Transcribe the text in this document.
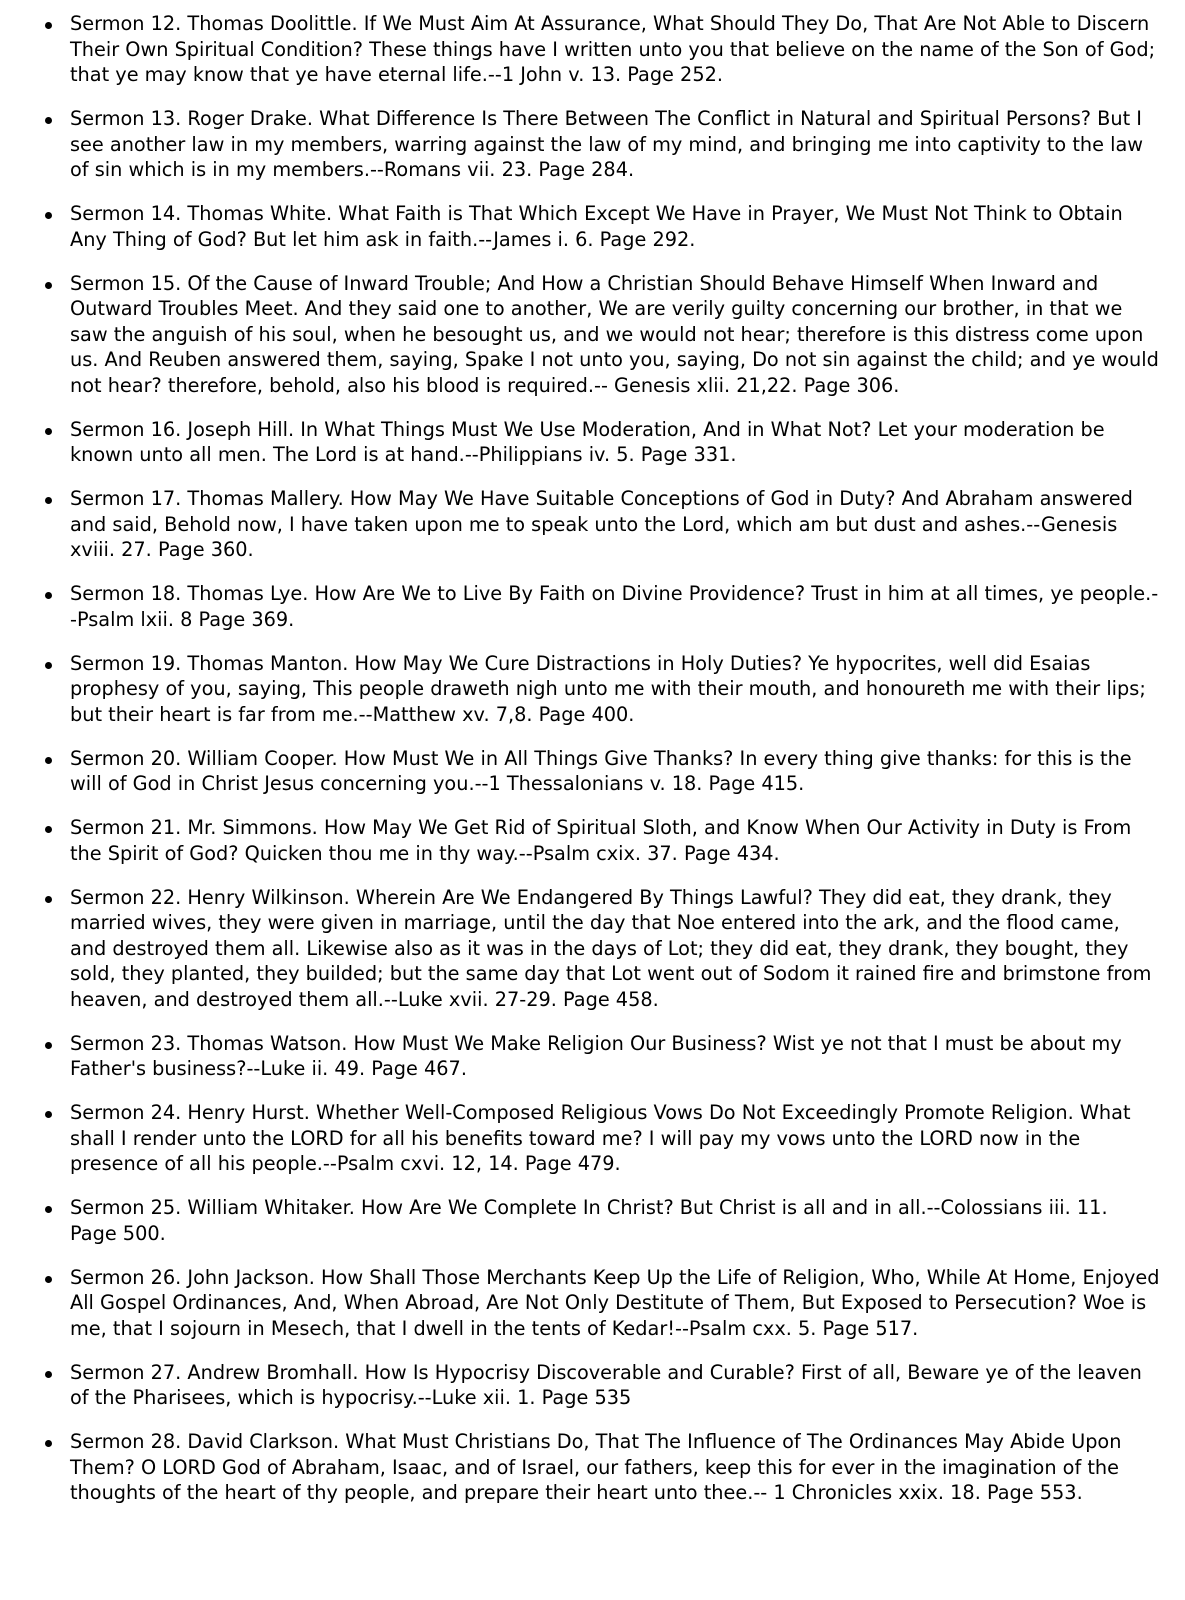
Sermon 12. Thomas Doolittle. If We Must Aim At Assurance, What Should They Do, That Are Not Able to Discern Their Own Spiritual Condition? These things have I written unto you that believe on the name of the Son of God; that ye may know that ye have eternal life.--1 John v. 13. Page 252.
Sermon 13. Roger Drake. What Difference Is There Between The Conflict in Natural and Spiritual Persons? But I see another law in my members, warring against the law of my mind, and bringing me into captivity to the law of sin which is in my members.--Romans vii. 23. Page 284.
Sermon 14. Thomas White. What Faith is That Which Except We Have in Prayer, We Must Not Think to Obtain Any Thing of God? But let him ask in faith.--James i. 6. Page 292.
Sermon 15. Of the Cause of Inward Trouble; And How a Christian Should Behave Himself When Inward and Outward Troubles Meet. And they said one to another, We are verily guilty concerning our brother, in that we saw the anguish of his soul, when he besought us, and we would not hear; therefore is this distress come upon us. And Reuben answered them, saying, Spake I not unto you, saying, Do not sin against the child; and ye would not hear? therefore, behold, also his blood is required.-- Genesis xlii. 21,22. Page 306.
Sermon 16. Joseph Hill. In What Things Must We Use Moderation, And in What Not? Let your moderation be known unto all men. The Lord is at hand.--Philippians iv. 5. Page 331.
Sermon 17. Thomas Mallery. How May We Have Suitable Conceptions of God in Duty? And Abraham answered and said, Behold now, I have taken upon me to speak unto the Lord, which am but dust and ashes.--Genesis xviii. 27. Page 360.
Sermon 18. Thomas Lye. How Are We to Live By Faith on Divine Providence? Trust in him at all times, ye people.--Psalm lxii. 8 Page 369.
Sermon 19. Thomas Manton. How May We Cure Distractions in Holy Duties? Ye hypocrites, well did Esaias prophesy of you, saying, This people draweth nigh unto me with their mouth, and honoureth me with their lips; but their heart is far from me.--Matthew xv. 7,8. Page 400.
Sermon 20. William Cooper. How Must We in All Things Give Thanks? In every thing give thanks: for this is the will of God in Christ Jesus concerning you.--1 Thessalonians v. 18. Page 415.
Sermon 21. Mr. Simmons. How May We Get Rid of Spiritual Sloth, and Know When Our Activity in Duty is From the Spirit of God? Quicken thou me in thy way.--Psalm cxix. 37. Page 434.
Sermon 22. Henry Wilkinson. Wherein Are We Endangered By Things Lawful? They did eat, they drank, they married wives, they were given in marriage, until the day that Noe entered into the ark, and the flood came, and destroyed them all. Likewise also as it was in the days of Lot; they did eat, they drank, they bought, they sold, they planted, they builded; but the same day that Lot went out of Sodom it rained fire and brimstone from heaven, and destroyed them all.--Luke xvii. 27-29. Page 458.
Sermon 23. Thomas Watson. How Must We Make Religion Our Business? Wist ye not that I must be about my Father's business?--Luke ii. 49. Page 467.
Sermon 24. Henry Hurst. Whether Well-Composed Religious Vows Do Not Exceedingly Promote Religion. What shall I render unto the LORD for all his benefits toward me? I will pay my vows unto the LORD now in the presence of all his people.--Psalm cxvi. 12, 14. Page 479.
Sermon 25. William Whitaker. How Are We Complete In Christ? But Christ is all and in all.--Colossians iii. 11. Page 500.
Sermon 26. John Jackson. How Shall Those Merchants Keep Up the Life of Religion, Who, While At Home, Enjoyed All Gospel Ordinances, And, When Abroad, Are Not Only Destitute of Them, But Exposed to Persecution? Woe is me, that I sojourn in Mesech, that I dwell in the tents of Kedar!--Psalm cxx. 5. Page 517.
Sermon 27. Andrew Bromhall. How Is Hypocrisy Discoverable and Curable? First of all, Beware ye of the leaven of the Pharisees, which is hypocrisy.--Luke xii. 1. Page 535
Sermon 28. David Clarkson. What Must Christians Do, That The Influence of The Ordinances May Abide Upon Them? O LORD God of Abraham, Isaac, and of Israel, our fathers, keep this for ever in the imagination of the thoughts of the heart of thy people, and prepare their heart unto thee.-- 1 Chronicles xxix. 18. Page 553.
